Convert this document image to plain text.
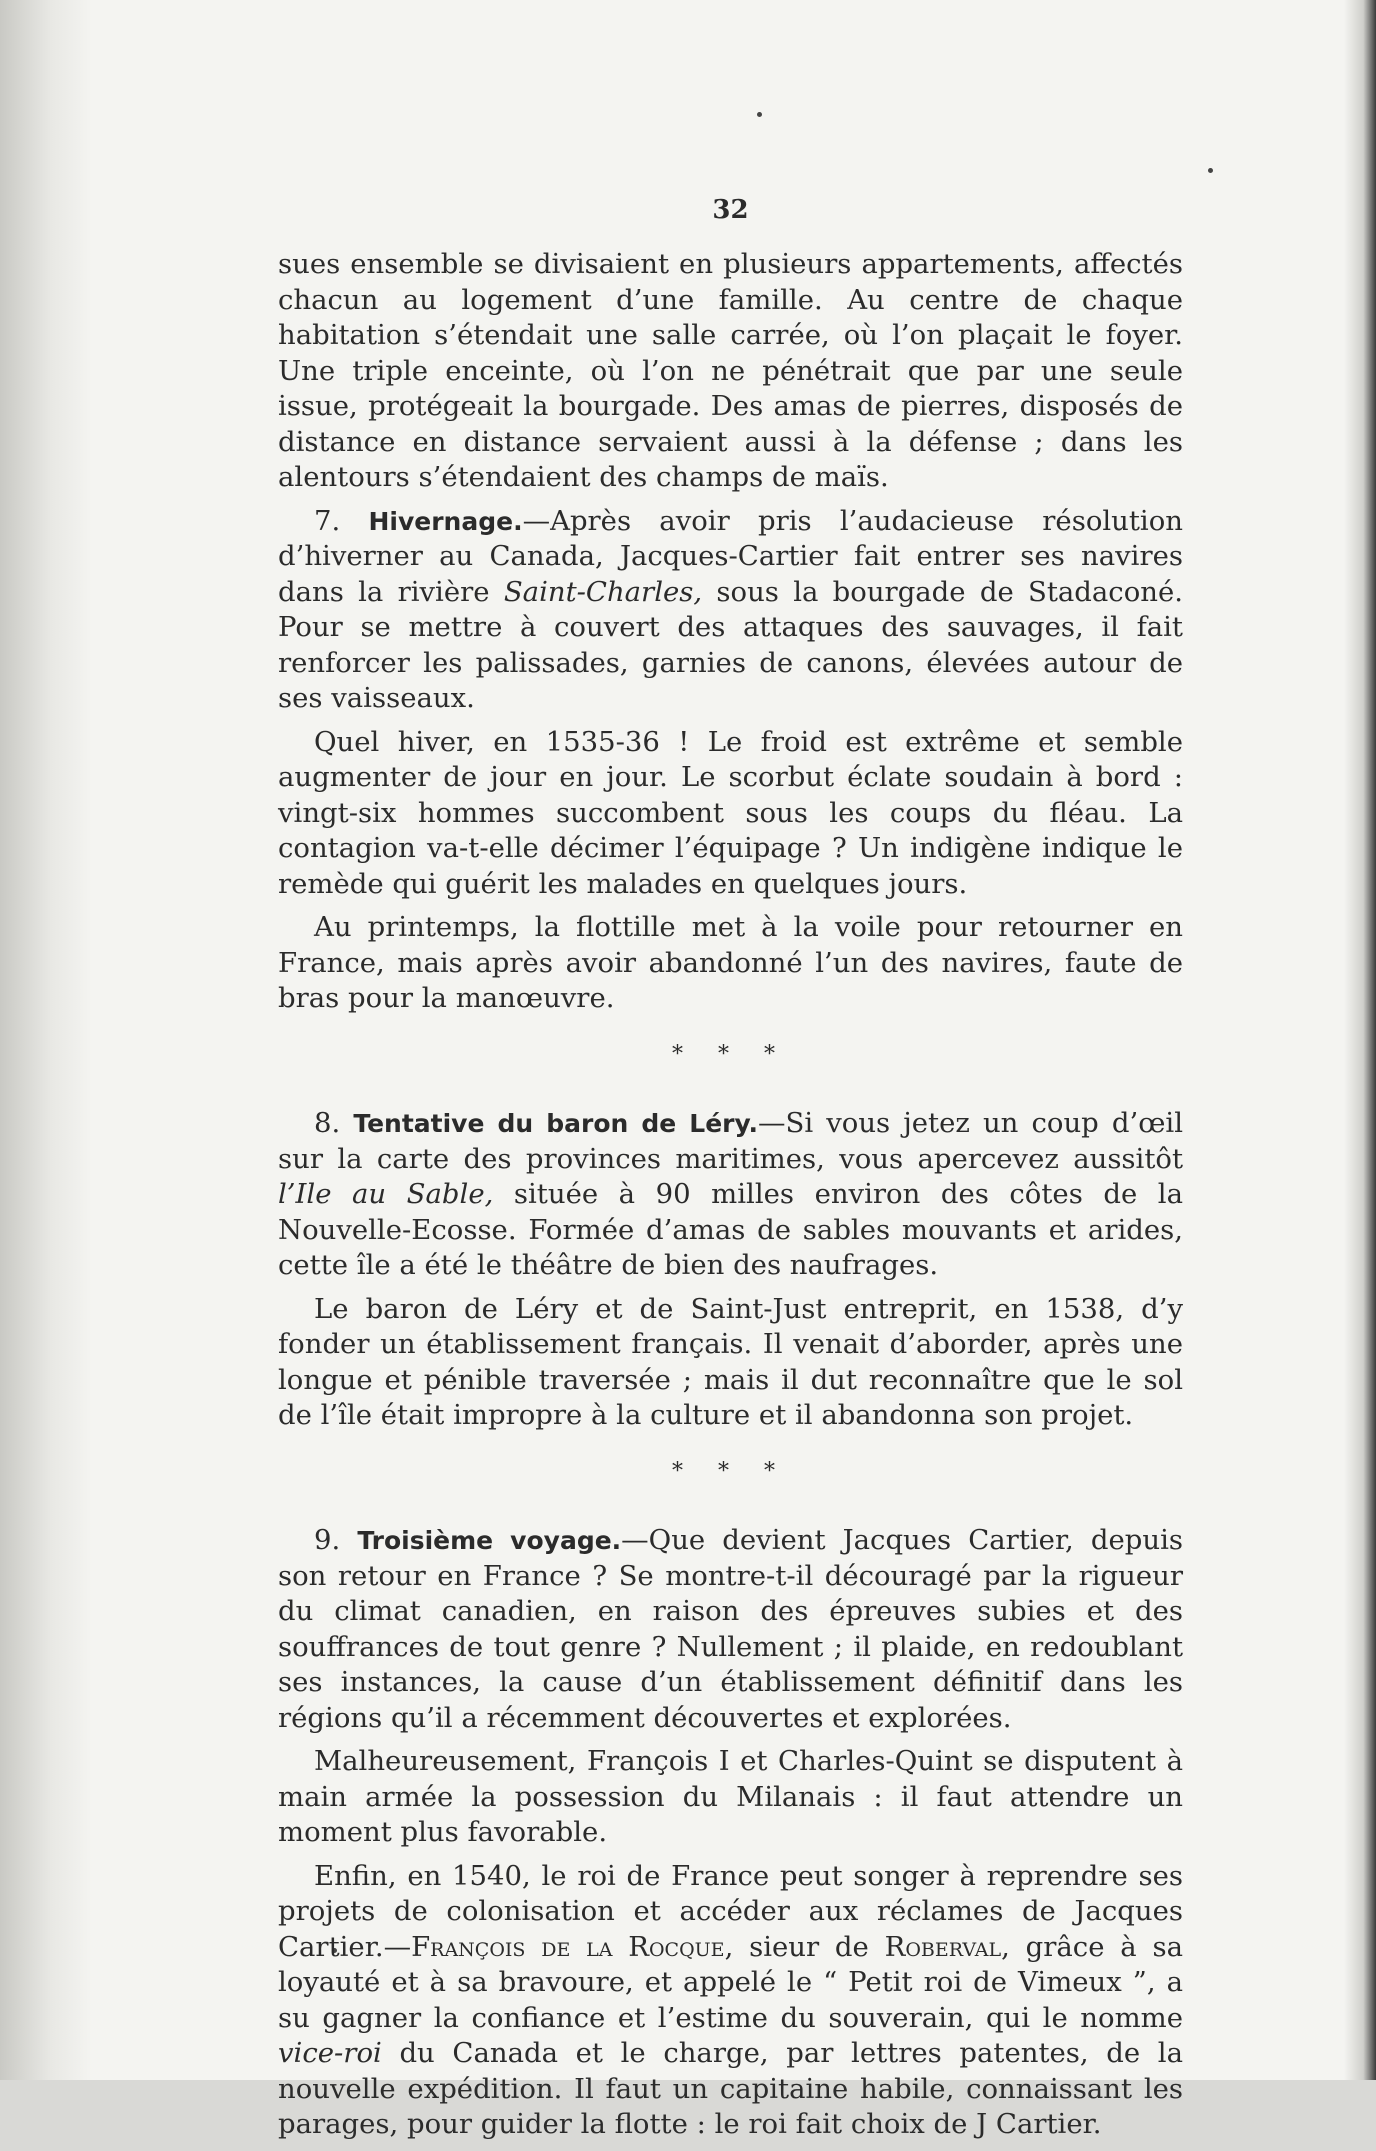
32

sues ensemble se divisaient en plusieurs appartements, affectés chacun au logement d’une famille. Au centre de chaque habitation s’étendait une salle carrée, où l’on plaçait le foyer. Une triple enceinte, où l’on ne pénétrait que par une seule issue, protégeait la bourgade. Des amas de pierres, disposés de distance en distance servaient aussi à la défense ; dans les alentours s’étendaient des champs de maïs.

7. Hivernage.—Après avoir pris l’audacieuse résolution d’hiverner au Canada, Jacques-Cartier fait entrer ses navires dans la rivière Saint-Charles, sous la bourgade de Stadaconé. Pour se mettre à couvert des attaques des sauvages, il fait renforcer les palissades, garnies de canons, élevées autour de ses vaisseaux.

Quel hiver, en 1535-36 ! Le froid est extrême et semble augmenter de jour en jour. Le scorbut éclate soudain à bord : vingt-six hommes succombent sous les coups du fléau. La contagion va-t-elle décimer l’équipage ? Un indigène indique le remède qui guérit les malades en quelques jours.

Au printemps, la flottille met à la voile pour retourner en France, mais après avoir abandonné l’un des navires, faute de bras pour la manœuvre.

* * *

8. Tentative du baron de Léry.—Si vous jetez un coup d’œil sur la carte des provinces maritimes, vous apercevez aussitôt l’Ile au Sable, située à 90 milles environ des côtes de la Nouvelle-Ecosse. Formée d’amas de sables mouvants et arides, cette île a été le théâtre de bien des naufrages.

Le baron de Léry et de Saint-Just entreprit, en 1538, d’y fonder un établissement français. Il venait d’aborder, après une longue et pénible traversée ; mais il dut reconnaître que le sol de l’île était impropre à la culture et il abandonna son projet.

* * *

9. Troisième voyage.—Que devient Jacques Cartier, depuis son retour en France ? Se montre-t-il découragé par la rigueur du climat canadien, en raison des épreuves subies et des souffrances de tout genre ? Nullement ; il plaide, en redoublant ses instances, la cause d’un établissement définitif dans les régions qu’il a récemment découvertes et explorées.

Malheureusement, François I et Charles-Quint se disputent à main armée la possession du Milanais : il faut attendre un moment plus favorable.

Enfin, en 1540, le roi de France peut songer à reprendre ses projets de colonisation et accéder aux réclames de Jacques Cartier.—François de la Rocque, sieur de Roberval, grâce à sa loyauté et à sa bravoure, et appelé le “ Petit roi de Vimeux ”, a su gagner la confiance et l’estime du souverain, qui le nomme vice-roi du Canada et le charge, par lettres patentes, de la nouvelle expédition. Il faut un capitaine habile, connaissant les parages, pour guider la flotte : le roi fait choix de J Cartier.
